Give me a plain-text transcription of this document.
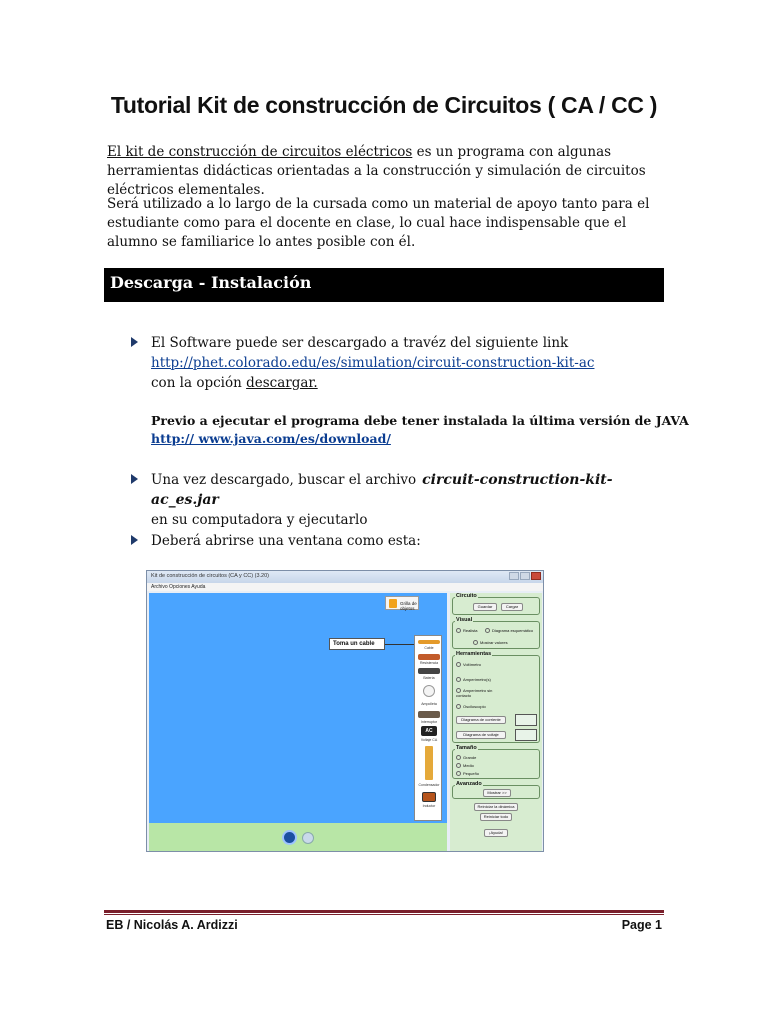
Tutorial Kit de construcción de Circuitos ( CA / CC )

El kit de construcción de circuitos eléctricos es un programa con algunas herramientas didácticas orientadas a la construcción y simulación de circuitos eléctricos elementales.

Será utilizado a lo largo de la cursada como un material de apoyo tanto para el estudiante como para el docente en clase, lo cual hace indispensable que el alumno se familiarice lo antes posible con él.

Descarga - Instalación
El Software puede ser descargado a travéz del siguiente link
http://phet.colorado.edu/es/simulation/circuit-construction-kit-ac
con la opción descargar.
Previo a ejecutar el programa debe tener instalada la última versión de JAVA
http:// www.java.com/es/download/
Una vez descargado, buscar el archivo circuit-construction-kit-ac_es.jar
en su computadora y ejecutarlo
Deberá abrirse una ventana como esta:
Kit de construcción de circuitos (CA y CC) (3.20)
Archivo Opciones Ayuda
Grilla de objetos
Toma un cable
Cable
Resistencia
Batería
Ampolleta
Interruptor
AC
Voltaje CA
Condensador
Inductor
Circuito
Guardar	Cargar
Visual
Realista	Diagrama esquemático
Mostrar valores
Herramientas
Voltímetro
Amperímetro(s)
Amperímetro sin contacto
Osciloscopio
Diagrama de corriente
Diagrama de voltaje
Tamaño
Grande
Medio
Pequeño
Avanzado
Mostrar >>
Reiniciar la dinámica
Reiniciar todo
¡Ayuda!
EB / Nicolás A. Ardizzi	Page 1
